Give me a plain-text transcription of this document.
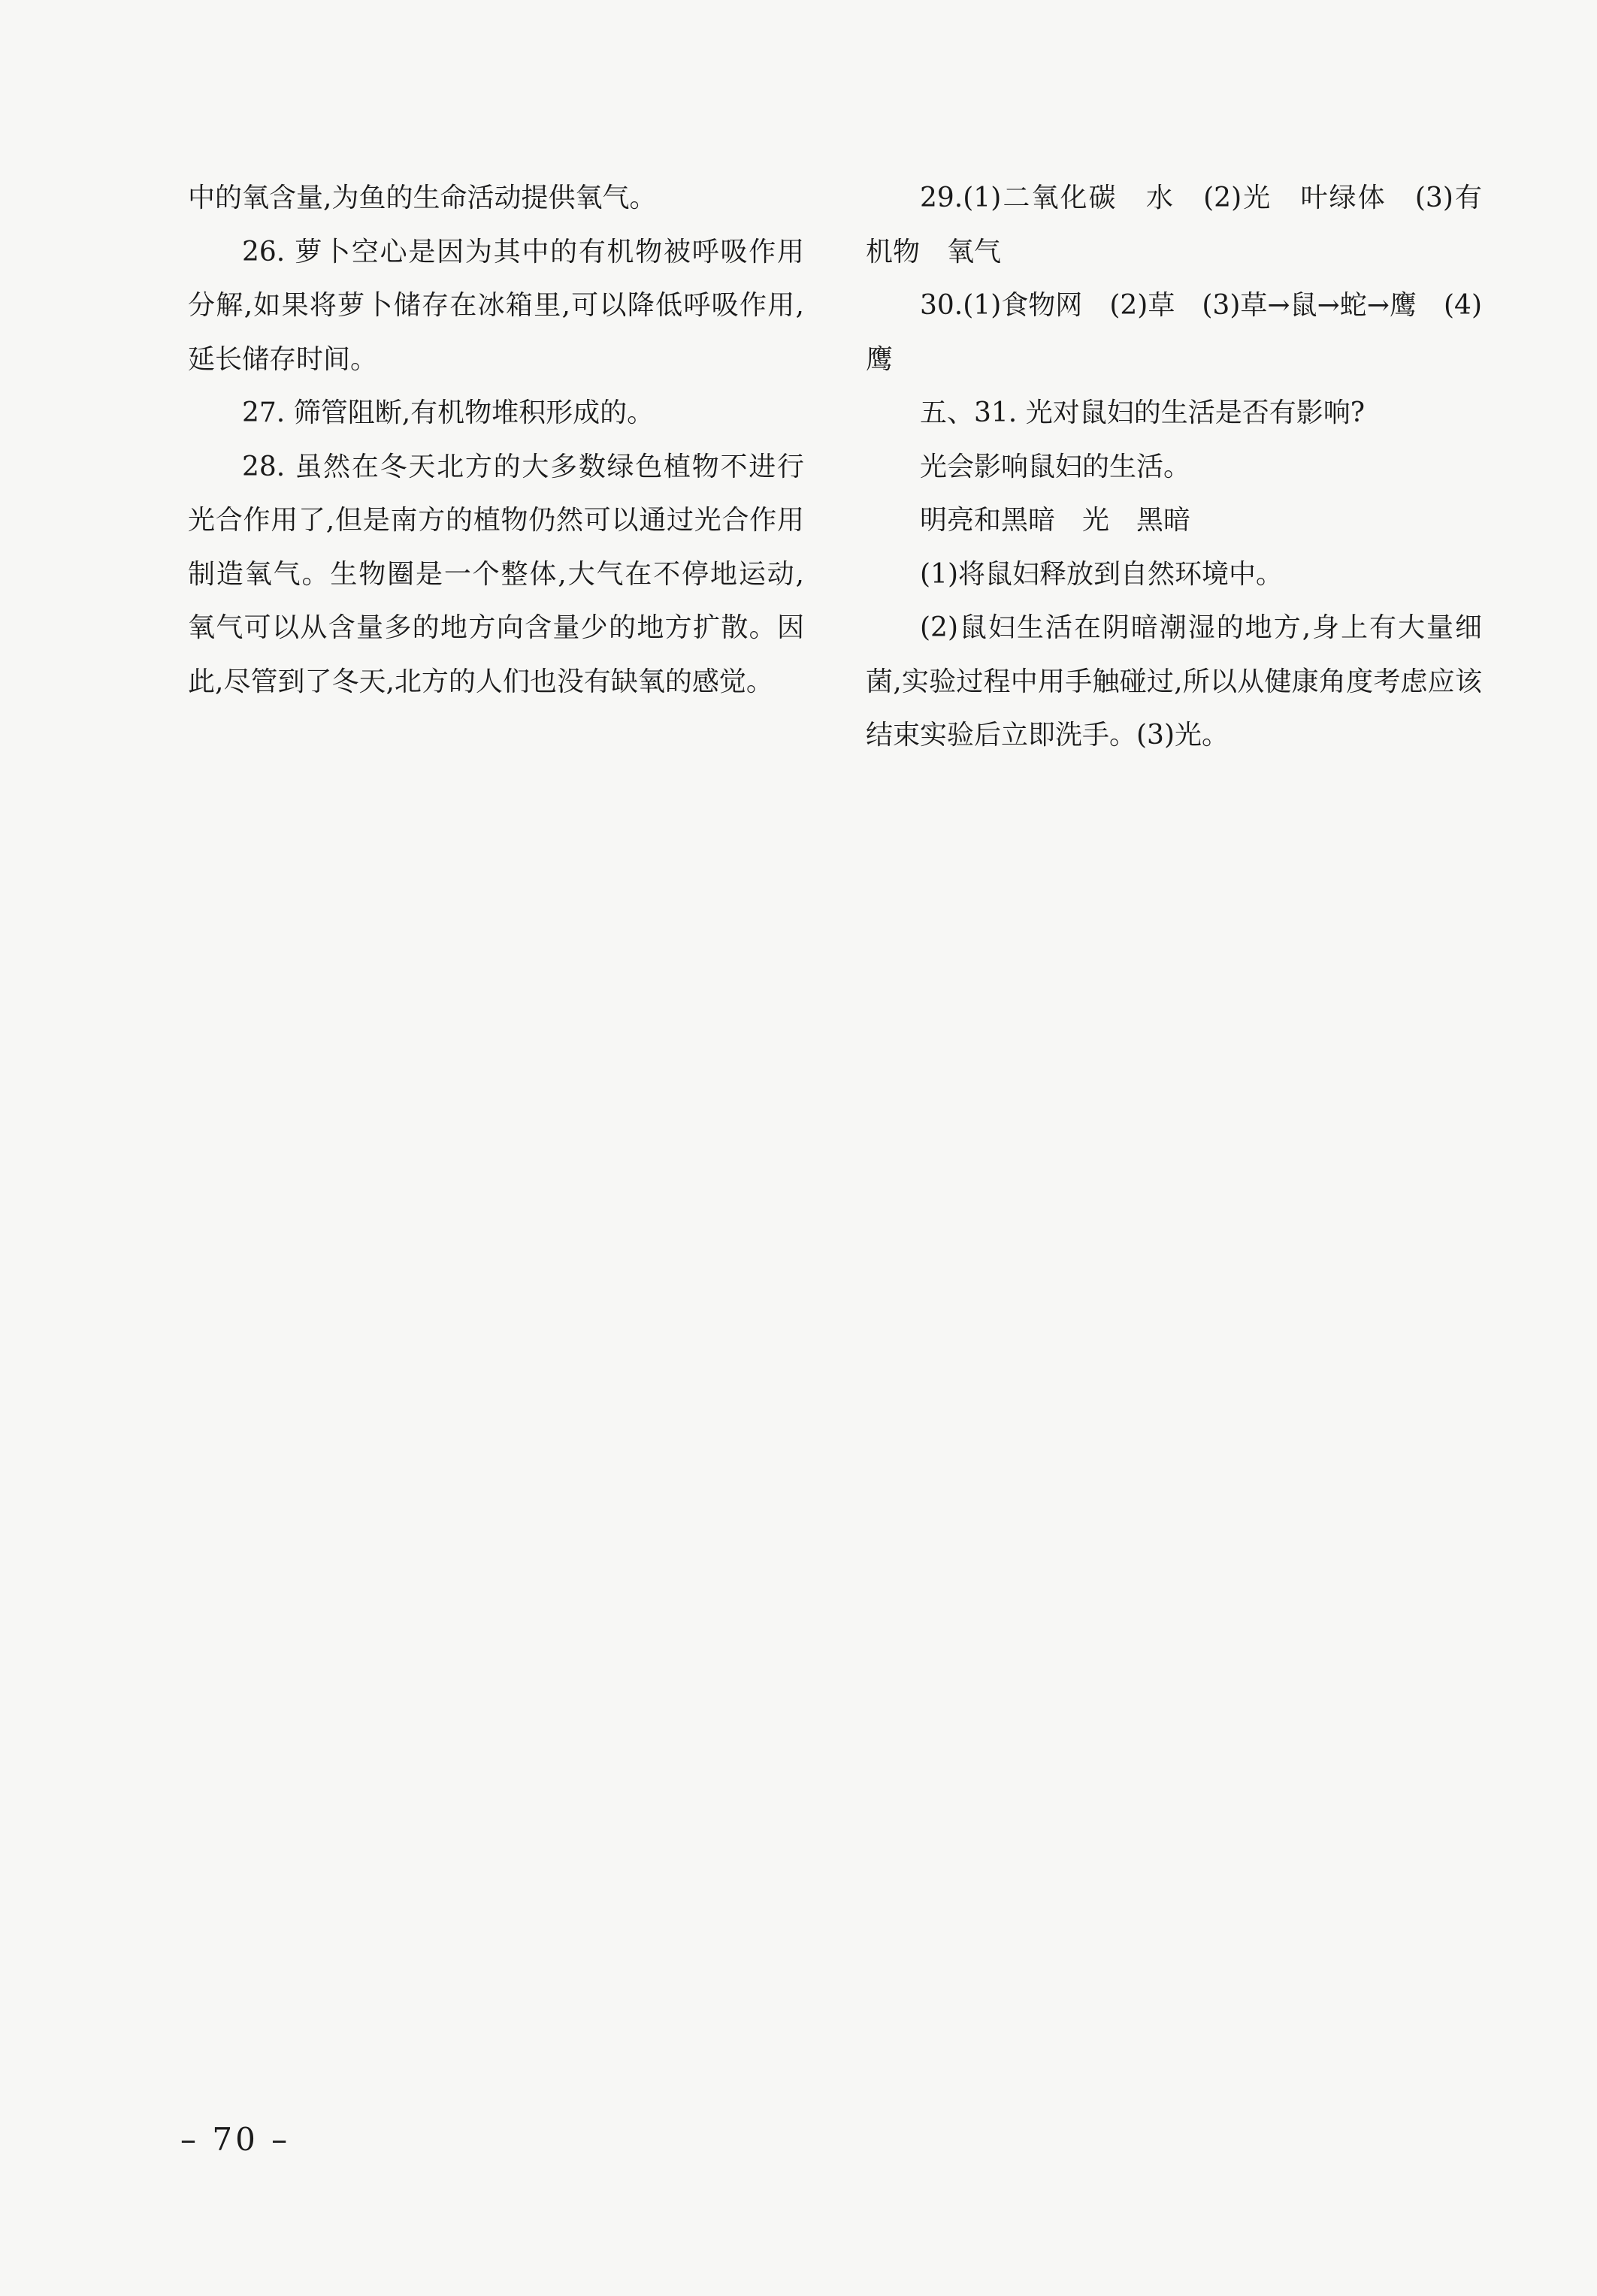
中的氧含量,为鱼的生命活动提供氧气。

26. 萝卜空心是因为其中的有机物被呼吸作用分解,如果将萝卜储存在冰箱里,可以降低呼吸作用,延长储存时间。

27. 筛管阻断,有机物堆积形成的。

28. 虽然在冬天北方的大多数绿色植物不进行光合作用了,但是南方的植物仍然可以通过光合作用制造氧气。生物圈是一个整体,大气在不停地运动, 氧气可以从含量多的地方向含量少的地方扩散。因此,尽管到了冬天,北方的人们也没有缺氧的感觉。

29.(1)二氧化碳　水　(2)光　叶绿体　(3)有机物　氧气

30.(1)食物网　(2)草　(3)草→鼠→蛇→鹰　(4)鹰

五、31. 光对鼠妇的生活是否有影响?

光会影响鼠妇的生活。

明亮和黑暗　光　黑暗

(1)将鼠妇释放到自然环境中。

(2)鼠妇生活在阴暗潮湿的地方,身上有大量细菌,实验过程中用手触碰过,所以从健康角度考虑应该结束实验后立即洗手。(3)光。

– 70 –
